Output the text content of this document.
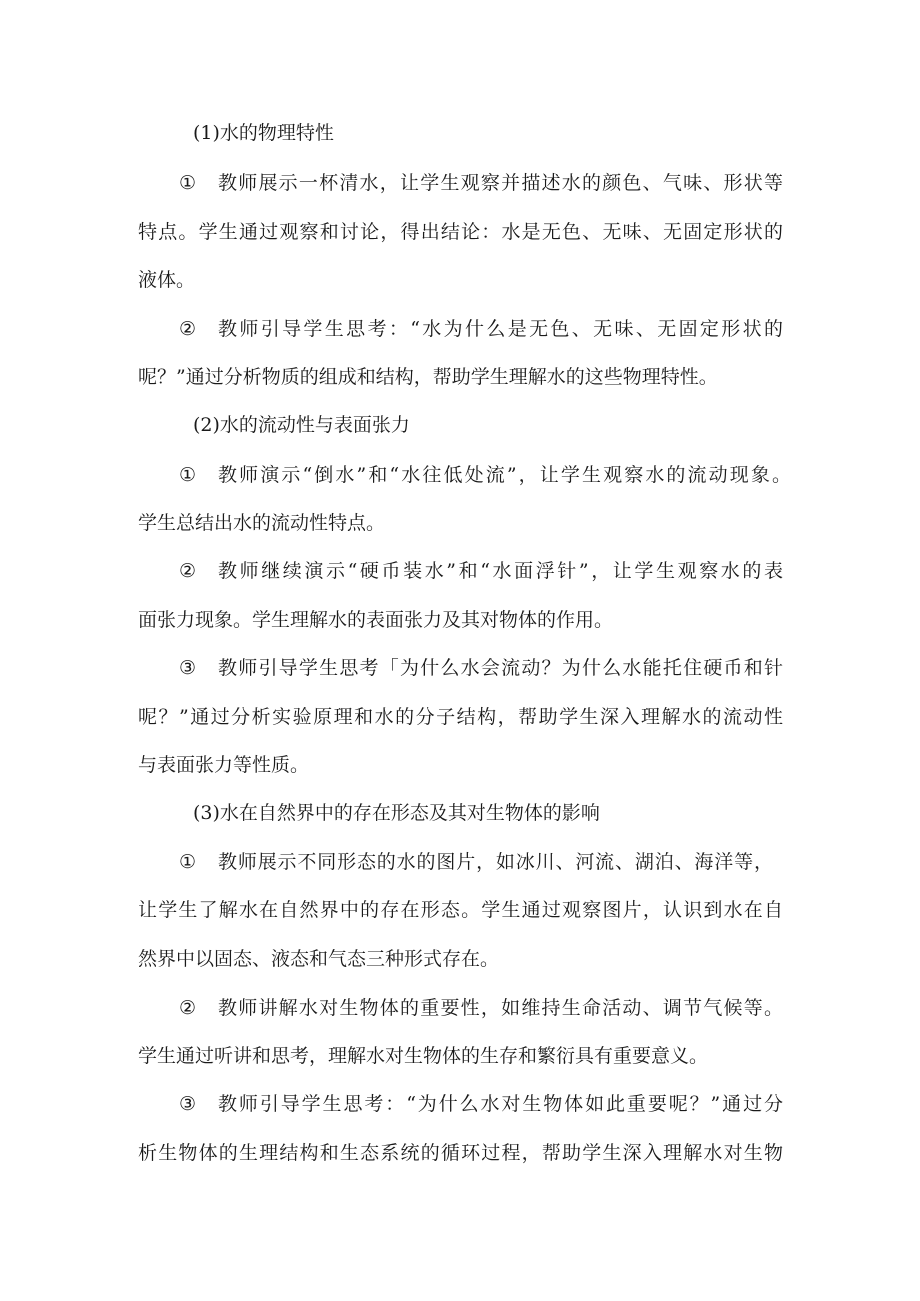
(1)水的物理特性
① 教师展示一杯清水，让学生观察并描述水的颜色、气味、形状等
特点。学生通过观察和讨论，得出结论：水是无色、无味、无固定形状的
液体。
② 教师引导学生思考：“水为什么是无色、无味、无固定形状的
呢？”通过分析物质的组成和结构，帮助学生理解水的这些物理特性。
(2)水的流动性与表面张力
① 教师演示“倒水”和“水往低处流”，让学生观察水的流动现象。
学生总结出水的流动性特点。
② 教师继续演示“硬币装水”和“水面浮针”，让学生观察水的表
面张力现象。学生理解水的表面张力及其对物体的作用。
③ 教师引导学生思考「为什么水会流动？为什么水能托住硬币和针
呢？”通过分析实验原理和水的分子结构，帮助学生深入理解水的流动性
与表面张力等性质。
(3)水在自然界中的存在形态及其对生物体的影响
① 教师展示不同形态的水的图片，如冰川、河流、湖泊、海洋等，
让学生了解水在自然界中的存在形态。学生通过观察图片，认识到水在自
然界中以固态、液态和气态三种形式存在。
② 教师讲解水对生物体的重要性，如维持生命活动、调节气候等。
学生通过听讲和思考，理解水对生物体的生存和繁衍具有重要意义。
③ 教师引导学生思考：“为什么水对生物体如此重要呢？”通过分
析生物体的生理结构和生态系统的循环过程，帮助学生深入理解水对生物
